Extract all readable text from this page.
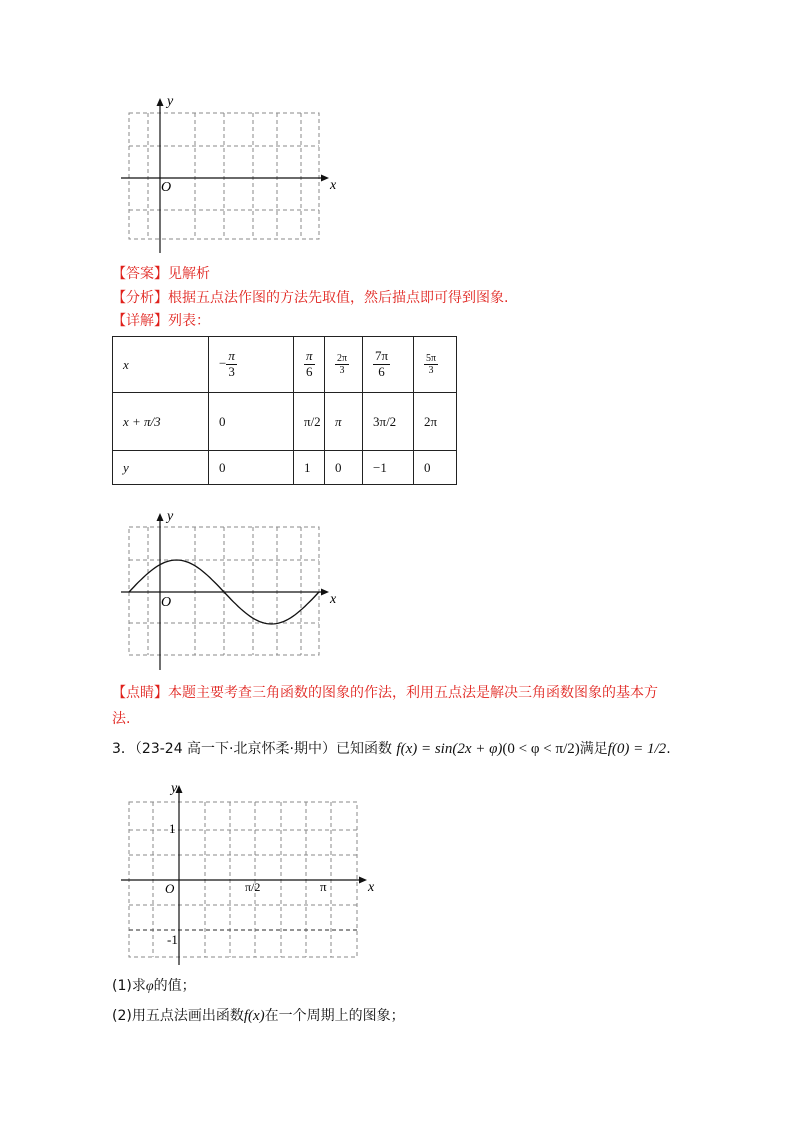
x
y
O
【答案】见解析
【分析】根据五点法作图的方法先取值，然后描点即可得到图象.
【详解】列表：
x	− $\frac{\pi}{3}$	$\frac{\pi}{6}$	$\frac{2\pi}{3}$	$\frac{7\pi}{6}$	$\frac{5\pi}{3}$

x + π/3	0	π/2	π	3π/2	2π
y	0	1	0	−1	0
x
y
O
【点睛】本题主要考查三角函数的图象的作法，利用五点法是解决三角函数图象的基本方
法.
3．（23-24 高一下·北京怀柔·期中）已知函数 f(x) = sin(2x + φ)(0 < φ < π/2)满足f(0) = 1/2.
x
y
O
1
-1
π/2	π
(1)求φ的值；
(2)用五点法画出函数f(x)在一个周期上的图象；
